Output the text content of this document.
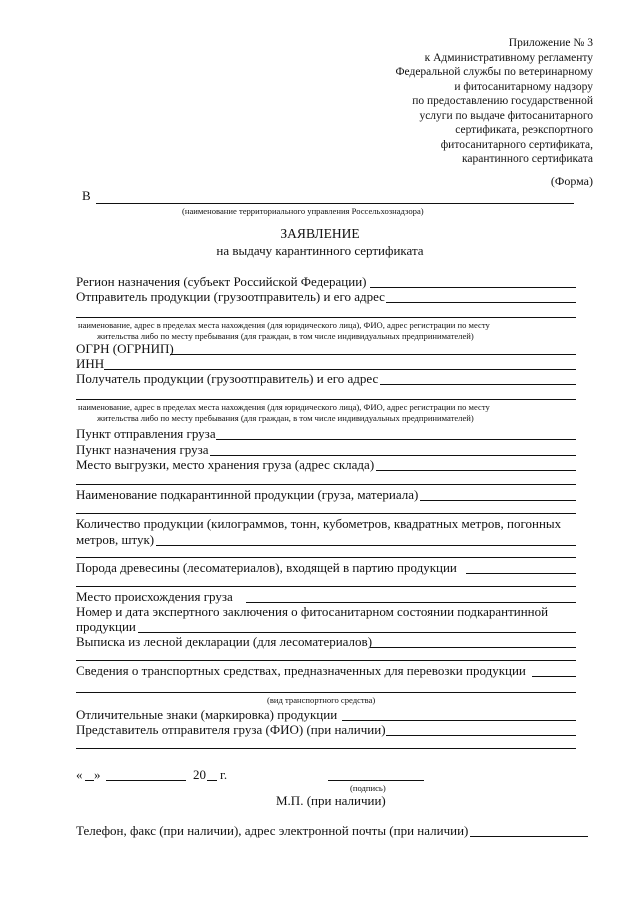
Приложение № 3
к Административному регламенту
Федеральной службы по ветеринарному
и фитосанитарному надзору
по предоставлению государственной
услуги по выдаче фитосанитарного
сертификата, реэкспортного
фитосанитарного сертификата,
карантинного сертификата
(Форма)
В
(наименование территориального управления Россельхознадзора)
ЗАЯВЛЕНИЕ
на выдачу карантинного сертификата
Регион назначения (субъект Российской Федерации)
Отправитель продукции (грузоотправитель) и его адрес
наименование, адрес в пределах места нахождения (для юридического лица), ФИО, адрес регистрации по месту
жительства либо по месту пребывания (для граждан, в том числе индивидуальных предпринимателей)
ОГРН (ОГРНИП)
ИНН
Получатель продукции (грузоотправитель) и его адрес
наименование, адрес в пределах места нахождения (для юридического лица), ФИО, адрес регистрации по месту
жительства либо по месту пребывания (для граждан, в том числе индивидуальных предпринимателей)
Пункт отправления груза
Пункт назначения груза
Место выгрузки, место хранения груза (адрес склада)
Наименование подкарантинной продукции (груза, материала)
Количество продукции (килограммов, тонн, кубометров, квадратных метров, погонных
метров, штук)
Порода древесины (лесоматериалов), входящей в партию продукции
Место происхождения груза
Номер и дата экспертного заключения о фитосанитарном состоянии подкарантинной
продукции
Выписка из лесной декларации (для лесоматериалов)
Сведения о транспортных средствах, предназначенных для перевозки продукции
(вид транспортного средства)
Отличительные знаки (маркировка) продукции
Представитель отправителя груза (ФИО) (при наличии)
« »	20 г.
(подпись)
М.П. (при наличии)
Телефон, факс (при наличии), адрес электронной почты (при наличии)
